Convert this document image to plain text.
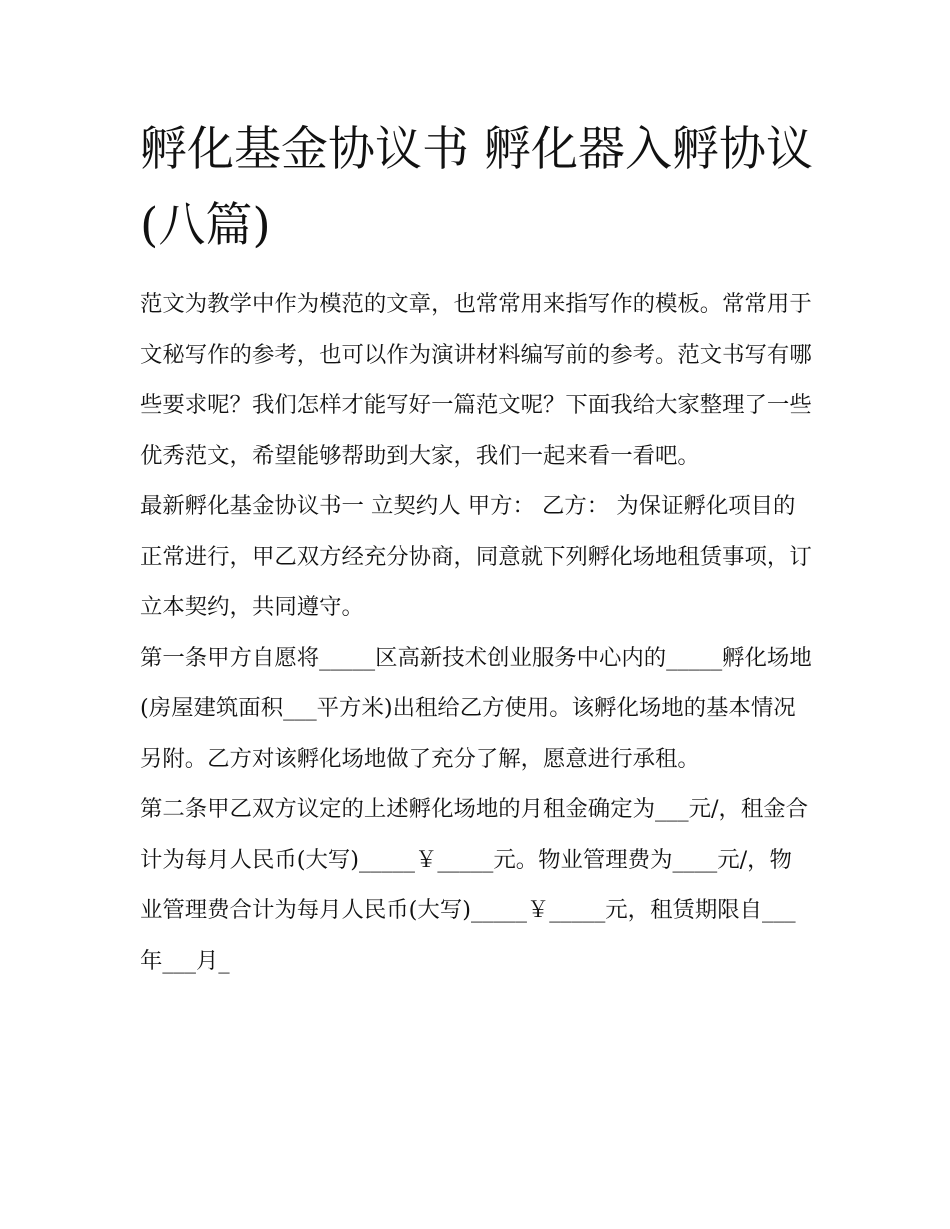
孵化基金协议书 孵化器入孵协议(八篇)

范文为教学中作为模范的文章，也常常用来指写作的模板。常常用于文秘写作的参考，也可以作为演讲材料编写前的参考。范文书写有哪些要求呢？我们怎样才能写好一篇范文呢？下面我给大家整理了一些优秀范文，希望能够帮助到大家，我们一起来看一看吧。

最新孵化基金协议书一 立契约人 甲方： 乙方： 为保证孵化项目的正常进行，甲乙双方经充分协商，同意就下列孵化场地租赁事项，订立本契约，共同遵守。

第一条甲方自愿将_____区高新技术创业服务中心内的_____孵化场地(房屋建筑面积___平方米)出租给乙方使用。该孵化场地的基本情况另附。乙方对该孵化场地做了充分了解，愿意进行承租。

第二条甲乙双方议定的上述孵化场地的月租金确定为___元/，租金合计为每月人民币(大写)_____￥_____元。物业管理费为____元/，物业管理费合计为每月人民币(大写)_____￥_____元，租赁期限自___年___月_
